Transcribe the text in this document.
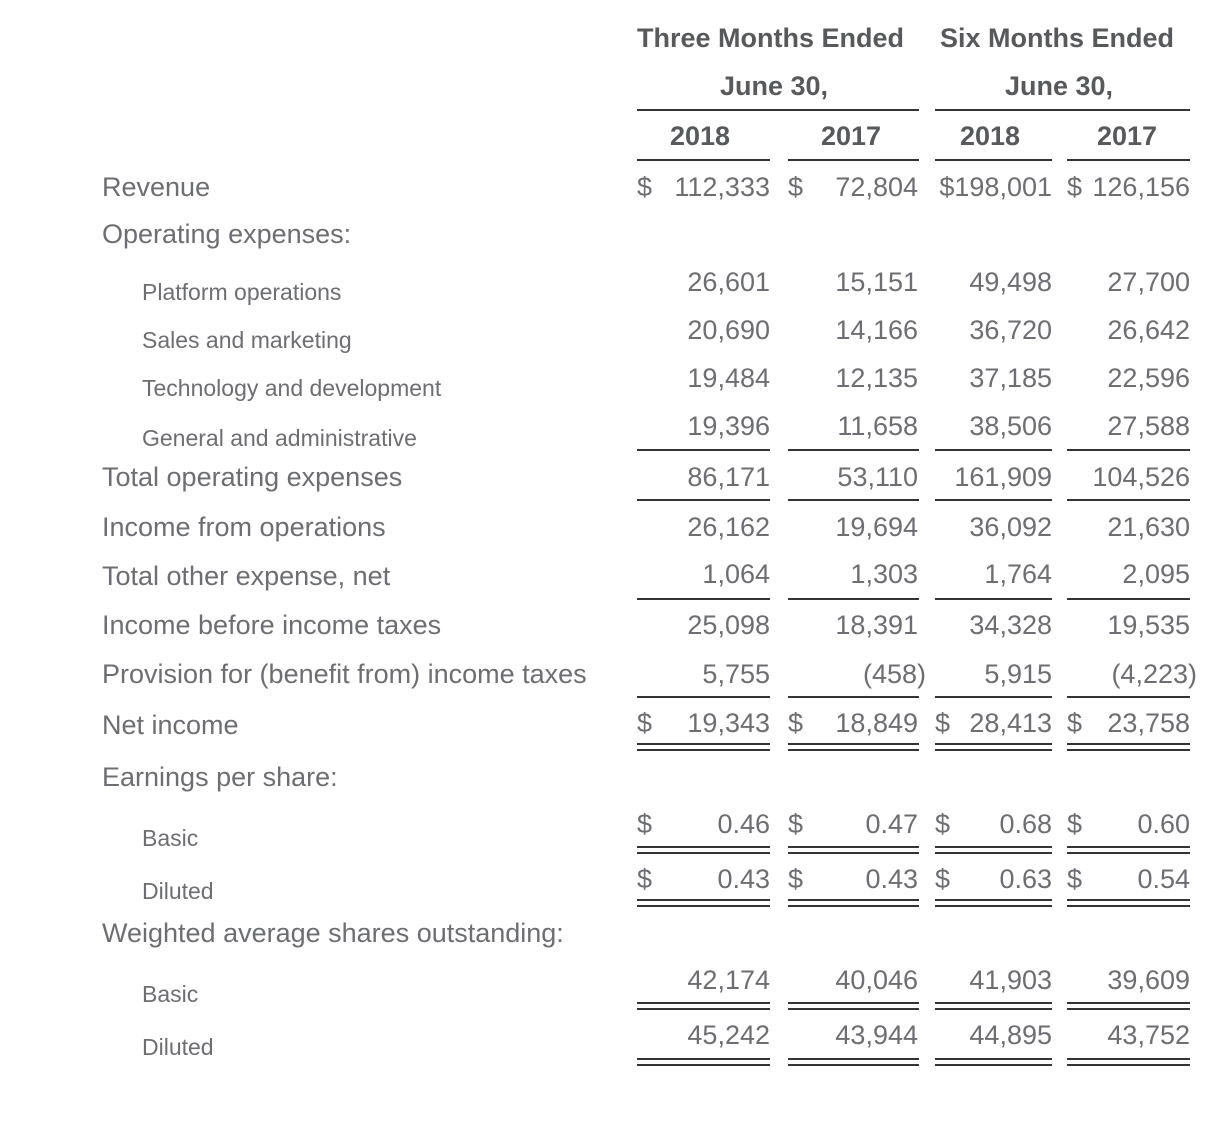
Three Months Ended Six Months Ended
June 30,	June 30,
2018	2017	2018	2017
Revenue	$ 112,333 $ 72,804 $198,001 $ 126,156
Operating expenses:
Platform operations	26,601 15,151 49,498 27,700
Sales and marketing	20,690 14,166 36,720 26,642
Technology and development	19,484 12,135 37,185 22,596
General and administrative	19,396 11,658 38,506 27,588
Total operating expenses	86,171 53,110 161,909 104,526
Income from operations	26,162 19,694 36,092 21,630
Total other expense, net	1,064	1,303 1,764	2,095
Income before income taxes	25,098 18,391 34,328 19,535
Provision for (benefit from) income taxes	5,755	(458) 5,915 (4,223)
Net income	$ 19,343 $ 18,849 $ 28,413 $ 23,758
Earnings per share:
Basic	$ 0.46 $ 0.47 $ 0.68 $ 0.60
Diluted	$ 0.43 $ 0.43 $ 0.63 $ 0.54
Weighted average shares outstanding:
Basic	42,174 40,046 41,903 39,609
Diluted	45,242 43,944 44,895 43,752
